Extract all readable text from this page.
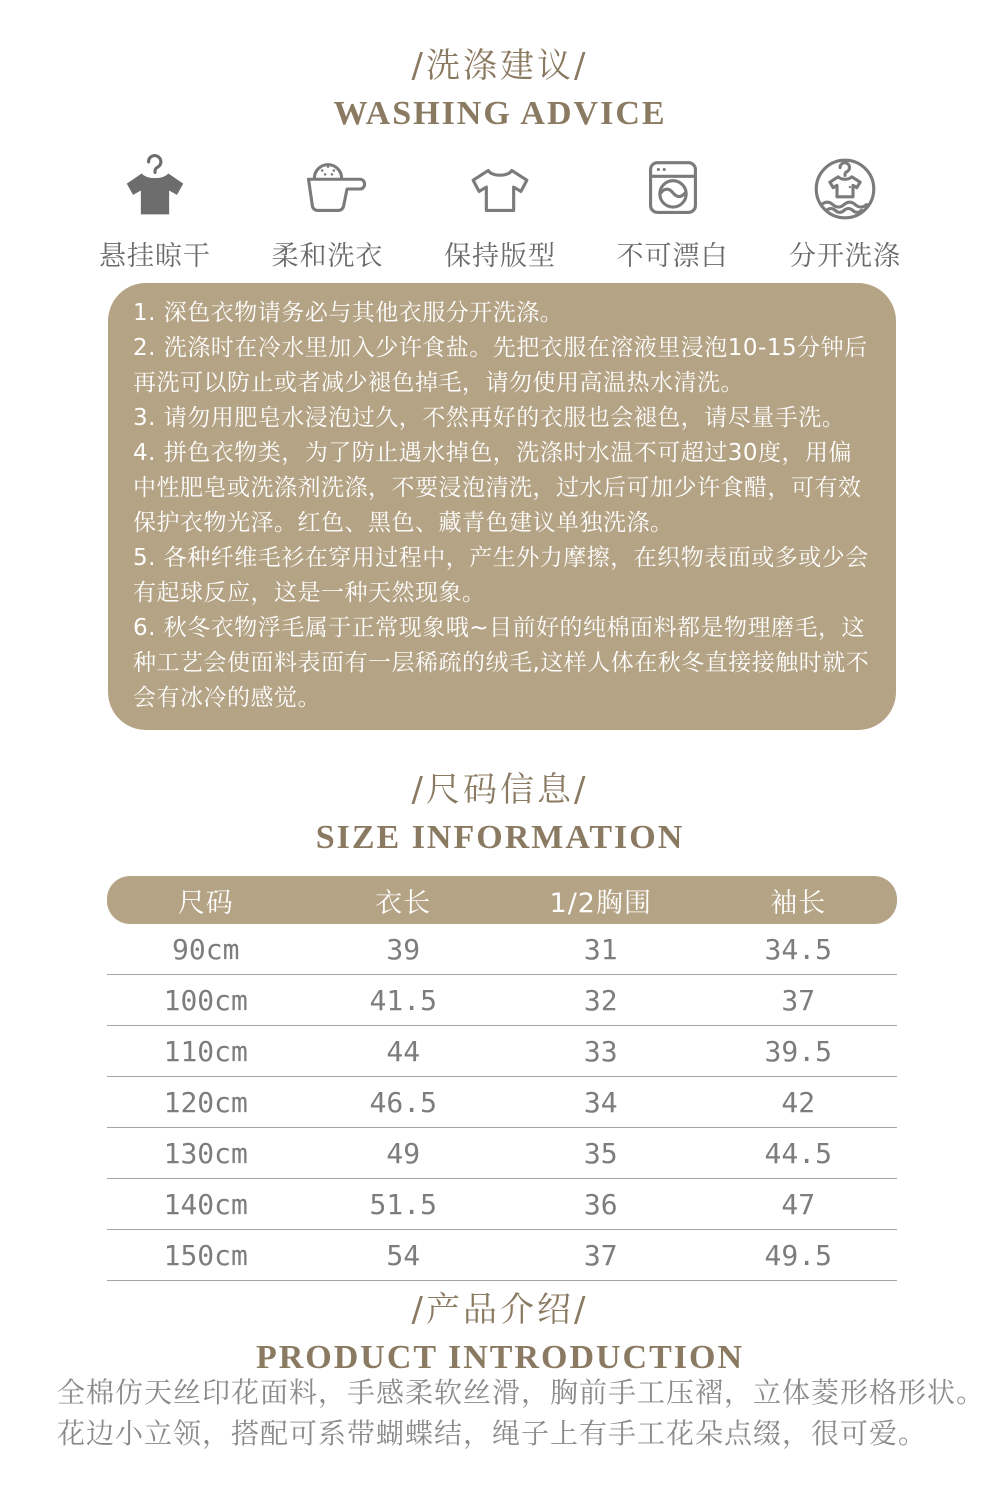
/洗涤建议/
WASHING ADVICE
悬挂晾干 柔和洗衣 保持版型 不可漂白 分开洗涤

1. 深色衣物请务必与其他衣服分开洗涤。

2. 洗涤时在冷水里加入少许食盐。先把衣服在溶液里浸泡10-15分钟后再洗可以防止或者减少褪色掉毛，请勿使用高温热水清洗。

3. 请勿用肥皂水浸泡过久，不然再好的衣服也会褪色，请尽量手洗。

4. 拼色衣物类，为了防止遇水掉色，洗涤时水温不可超过30度，用偏中性肥皂或洗涤剂洗涤，不要浸泡清洗，过水后可加少许食醋，可有效保护衣物光泽。红色、黑色、藏青色建议单独洗涤。

5. 各种纤维毛衫在穿用过程中，产生外力摩擦，在织物表面或多或少会有起球反应，这是一种天然现象。

6. 秋冬衣物浮毛属于正常现象哦~目前好的纯棉面料都是物理磨毛，这种工艺会使面料表面有一层稀疏的绒毛,这样人体在秋冬直接接触时就不会有冰冷的感觉。

/尺码信息/
SIZE INFORMATION
尺码	衣长	1/2胸围	袖长
90cm	39	31	34.5
100cm	41.5	32	37
110cm	44	33	39.5
120cm	46.5	34	42
130cm	49	35	44.5
140cm	51.5	36	47
150cm	54	37	49.5
/产品介绍/
PRODUCT INTRODUCTION
全棉仿天丝印花面料，手感柔软丝滑，胸前手工压褶，立体菱形格形状。
花边小立领，搭配可系带蝴蝶结，绳子上有手工花朵点缀，很可爱。
